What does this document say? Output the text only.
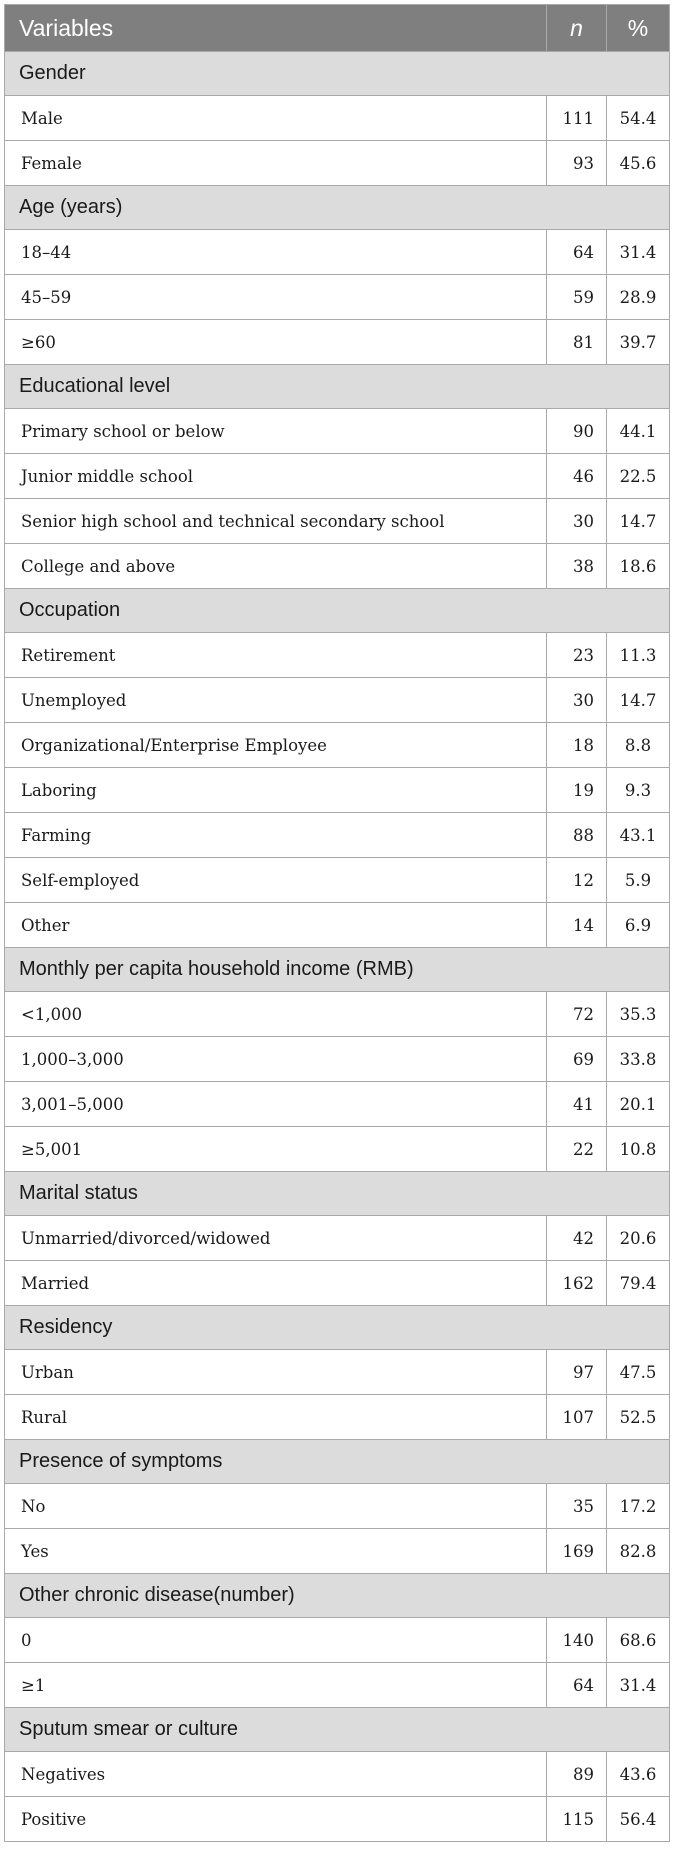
Variables	n	%
Gender		
Male	111	54.4
Female	93	45.6
Age (years)		
18–44	64	31.4
45–59	59	28.9
≥60	81	39.7
Educational level		
Primary school or below	90	44.1
Junior middle school	46	22.5
Senior high school and technical secondary school	30	14.7
College and above	38	18.6
Occupation		
Retirement	23	11.3
Unemployed	30	14.7
Organizational/Enterprise Employee	18	8.8
Laboring	19	9.3
Farming	88	43.1
Self-employed	12	5.9
Other	14	6.9
Monthly per capita household income (RMB)		
<1,000	72	35.3
1,000–3,000	69	33.8
3,001–5,000	41	20.1
≥5,001	22	10.8
Marital status		
Unmarried/divorced/widowed	42	20.6
Married	162	79.4
Residency		
Urban	97	47.5
Rural	107	52.5
Presence of symptoms		
No	35	17.2
Yes	169	82.8
Other chronic disease(number)		
0	140	68.6
≥1	64	31.4
Sputum smear or culture		
Negatives	89	43.6
Positive	115	56.4
